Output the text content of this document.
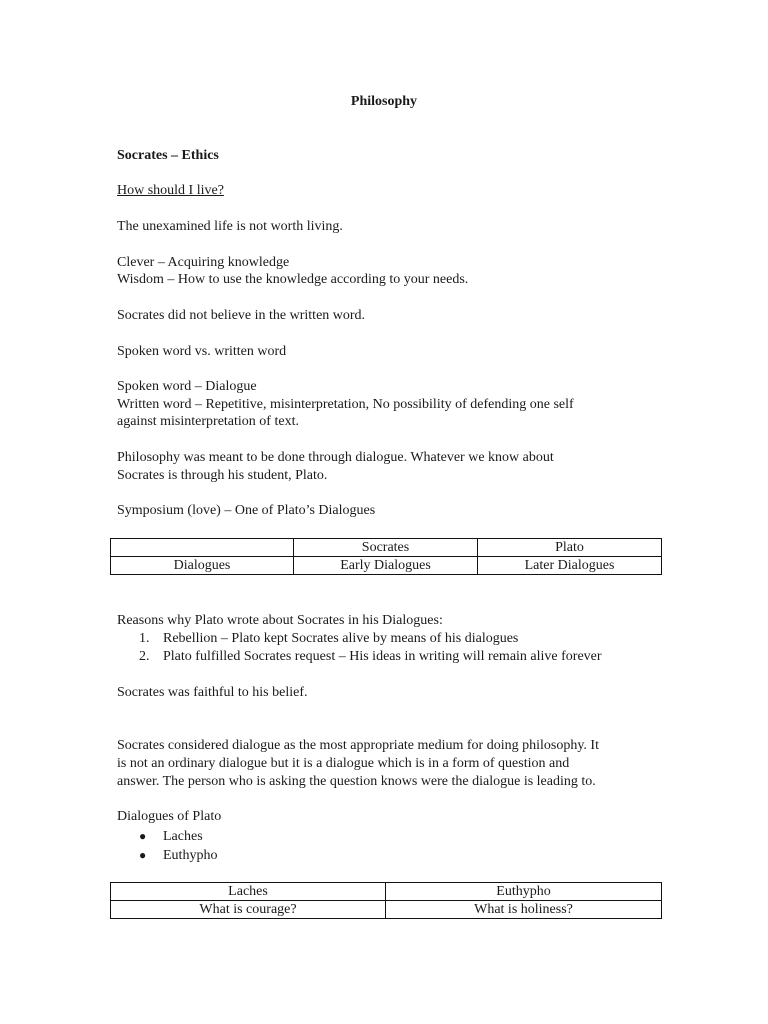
Philosophy
Socrates – Ethics
How should I live?
The unexamined life is not worth living.
Clever – Acquiring knowledge
Wisdom – How to use the knowledge according to your needs.
Socrates did not believe in the written word.
Spoken word vs. written word
Spoken word – Dialogue
Written word – Repetitive, misinterpretation, No possibility of defending one self
against misinterpretation of text.
Philosophy was meant to be done through dialogue. Whatever we know about
Socrates is through his student, Plato.
Symposium (love) – One of Plato’s Dialogues
	Socrates	Plato
Dialogues	Early Dialogues	Later Dialogues
Reasons why Plato wrote about Socrates in his Dialogues:
1. Rebellion – Plato kept Socrates alive by means of his dialogues
2. Plato fulfilled Socrates request – His ideas in writing will remain alive forever
Socrates was faithful to his belief.
Socrates considered dialogue as the most appropriate medium for doing philosophy. It
is not an ordinary dialogue but it is a dialogue which is in a form of question and
answer. The person who is asking the question knows were the dialogue is leading to.
Dialogues of Plato
● Laches
● Euthypho
Laches	Euthypho
What is courage?	What is holiness?
